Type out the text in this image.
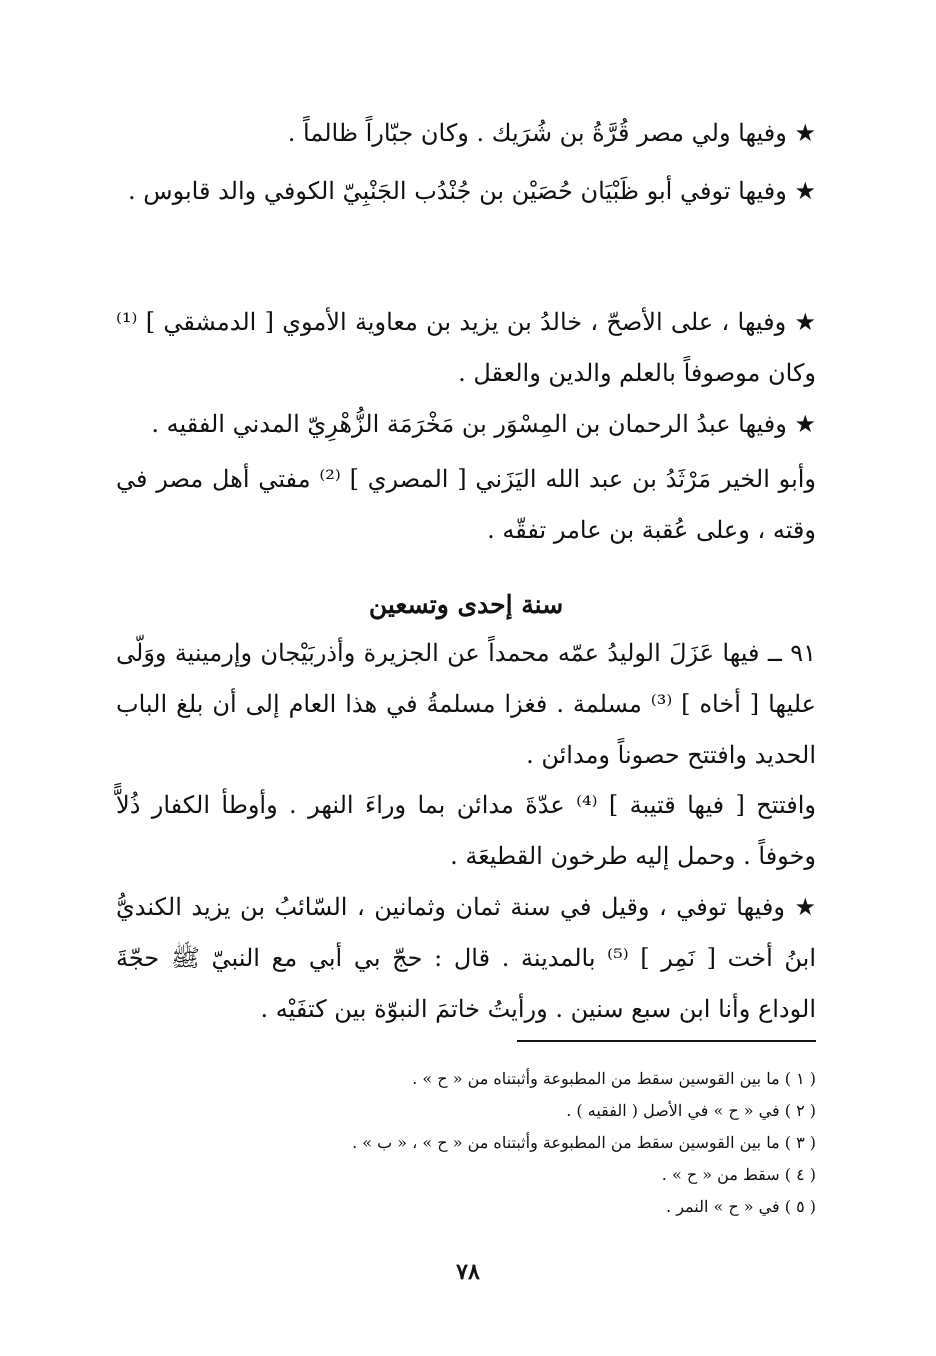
★ وفيها ولي مصر قُرَّةُ بن شُرَيك . وكان جبّاراً ظالماً .

★ وفيها توفي أبو ظَبْيَان حُصَيْن بن جُنْدُب الجَنْبِيّ الكوفي والد قابوس .

★ وفيها ، على الأصحّ ، خالدُ بن يزيد بن معاوية الأموي [ الدمشقي ] ⁽¹⁾ وكان موصوفاً بالعلم والدين والعقل .

★ وفيها عبدُ الرحمان بن المِسْوَر بن مَخْرَمَة الزُّهْرِيّ المدني الفقيه .

وأبو الخير مَرْثَدُ بن عبد الله اليَزَني [ المصري ] ⁽²⁾ مفتي أهل مصر في وقته ، وعلى عُقبة بن عامر تفقّه .

سنة إحدى وتسعين

٩١ ــ فيها عَزَلَ الوليدُ عمّه محمداً عن الجزيرة وأذربَيْجان وإرمينية ووَلّى عليها [ أخاه ] ⁽³⁾ مسلمة . فغزا مسلمةُ في هذا العام إلى أن بلغ الباب الحديد وافتتح حصوناً ومدائن .

وافتتح [ فيها قتيبة ] ⁽⁴⁾ عدّةَ مدائن بما وراءَ النهر . وأوطأ الكفار ذُلاًّ وخوفاً . وحمل إليه طرخون القطيعَة .

★ وفيها توفي ، وقيل في سنة ثمان وثمانين ، السّائبُ بن يزيد الكنديُّ ابنُ أخت [ نَمِر ] ⁽⁵⁾ بالمدينة . قال : حجّ بي أبي مع النبيّ ﷺ حجّةَ الوداع وأنا ابن سبع سنين . ورأيتُ خاتمَ النبوّة بين كتفَيْه .

( ١ ) ما بين القوسين سقط من المطبوعة وأثبتناه من « ح » .
( ٢ ) في « ح » في الأصل ( الفقيه ) .
( ٣ ) ما بين القوسين سقط من المطبوعة وأثبتناه من « ح » ، « ب » .
( ٤ ) سقط من « ح » .
( ٥ ) في « ح » النمر .
٧٨
